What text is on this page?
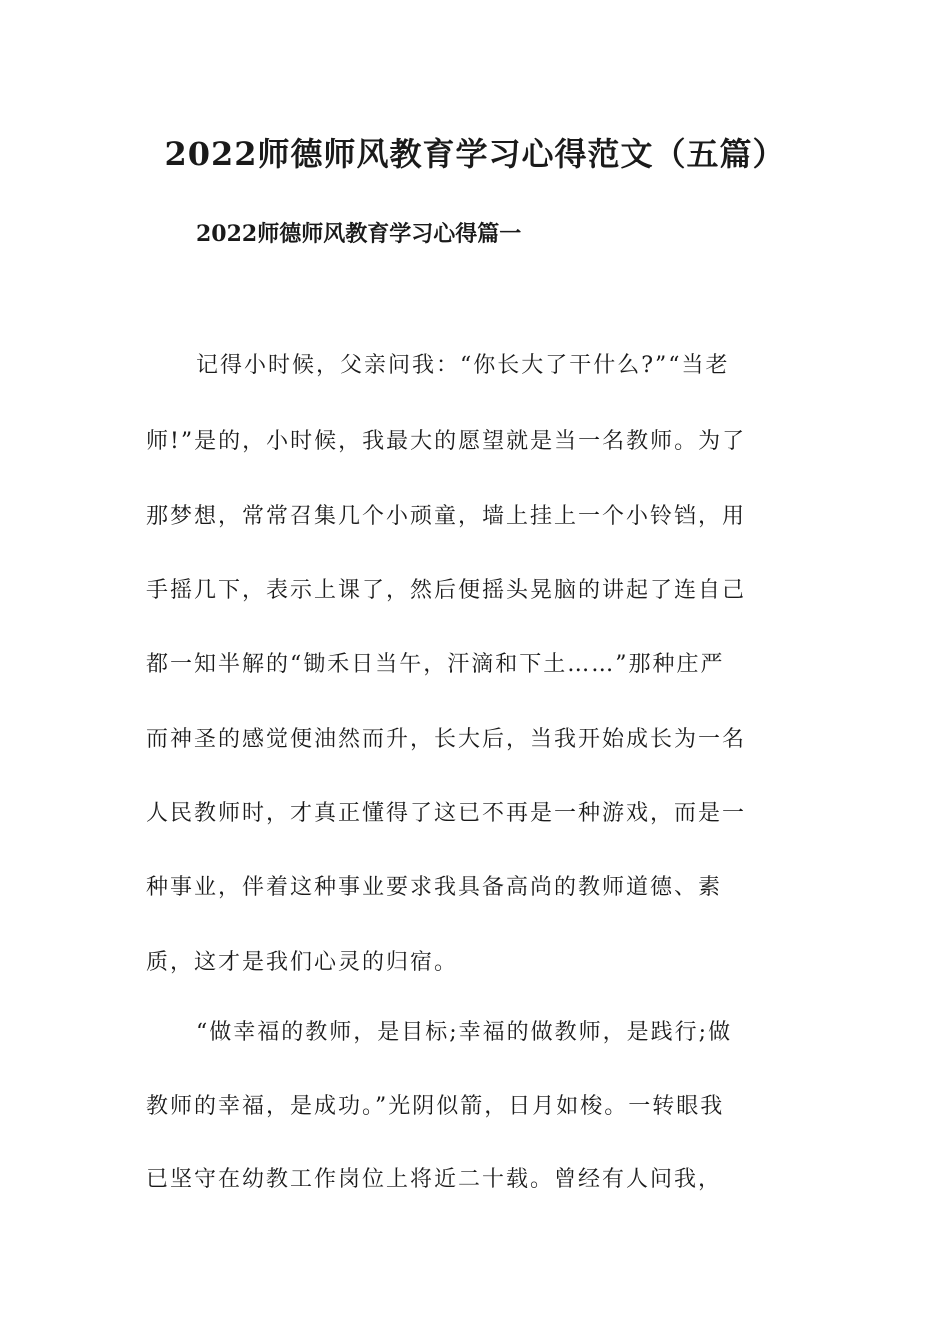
2022师德师风教育学习心得范文（五篇）
2022师德师风教育学习心得篇一
记得小时候，父亲问我：“你长大了干什么?”“当老
师!”是的，小时候，我最大的愿望就是当一名教师。为了
那梦想，常常召集几个小顽童，墙上挂上一个小铃铛，用
手摇几下，表示上课了，然后便摇头晃脑的讲起了连自己
都一知半解的“锄禾日当午，汗滴和下土……”那种庄严
而神圣的感觉便油然而升，长大后，当我开始成长为一名
人民教师时，才真正懂得了这已不再是一种游戏，而是一
种事业，伴着这种事业要求我具备高尚的教师道德、素
质，这才是我们心灵的归宿。
“做幸福的教师，是目标;幸福的做教师，是践行;做
教师的幸福，是成功。”光阴似箭，日月如梭。一转眼我
已坚守在幼教工作岗位上将近二十载。曾经有人问我，
